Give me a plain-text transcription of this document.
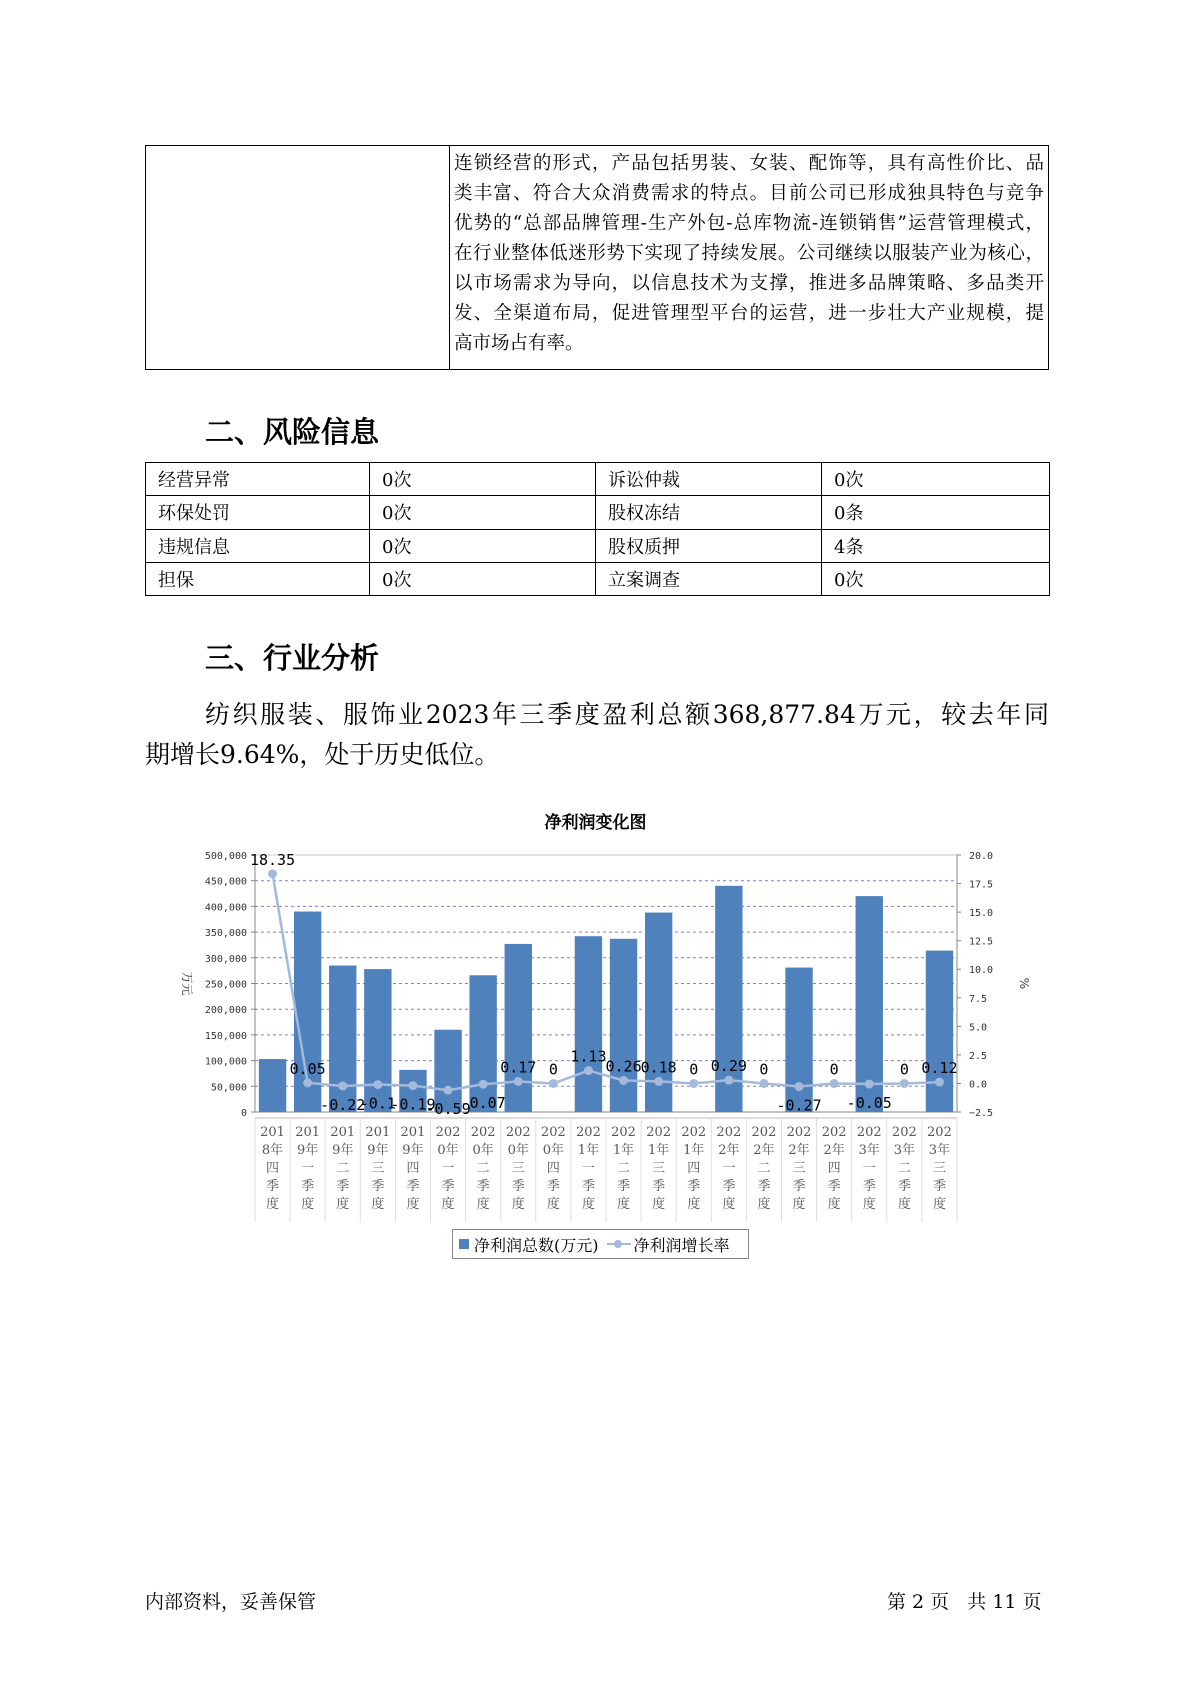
连锁经营的形式，产品包括男装、女装、配饰等，具有高性价比、品
类丰富、符合大众消费需求的特点。目前公司已形成独具特色与竞争
优势的“总部品牌管理-生产外包-总库物流-连锁销售”运营管理模式，
在行业整体低迷形势下实现了持续发展。公司继续以服装产业为核心，
以市场需求为导向，以信息技术为支撑，推进多品牌策略、多品类开
发、全渠道布局，促进管理型平台的运营，进一步壮大产业规模，提
高市场占有率。
二、风险信息
经营异常	0次	诉讼仲裁	0次
环保处罚	0次	股权冻结	0条
违规信息	0次	股权质押	4条
担保	0次	立案调查	0次
三、行业分析
纺织服装、服饰业2023年三季度盈利总额368,877.84万元，较去年同
期增长9.64%，处于历史低位。
净利润变化图
0
50,000
100,000
150,000
200,000
250,000
300,000
350,000
400,000
450,000
500,000
−2.5
0.0
2.5
5.0
7.5
10.0
12.5
15.0
17.5
20.0
万元	%
201 8年四季度
201 9年一季度
201 9年二季度
201 9年三季度
201 9年四季度
202 0年一季度
202 0年二季度
202 0年三季度
202 0年四季度
202 1年一季度
202 1年二季度
202 1年三季度
202 1年四季度
202 2年一季度
202 2年二季度
202 2年三季度
202 2年四季度
202 3年一季度
202 3年二季度
202 3年三季度
18.35
0.05
-0.22
-0.1
-0.19
-0.59
-0.07
0.17 0
1.13
0.26
0.18 0 0.29 0
-0.27
0
-0.05
0 0.12
净利润总数(万元) 净利润增长率
内部资料，妥善保管	第 2 页   共 11 页
